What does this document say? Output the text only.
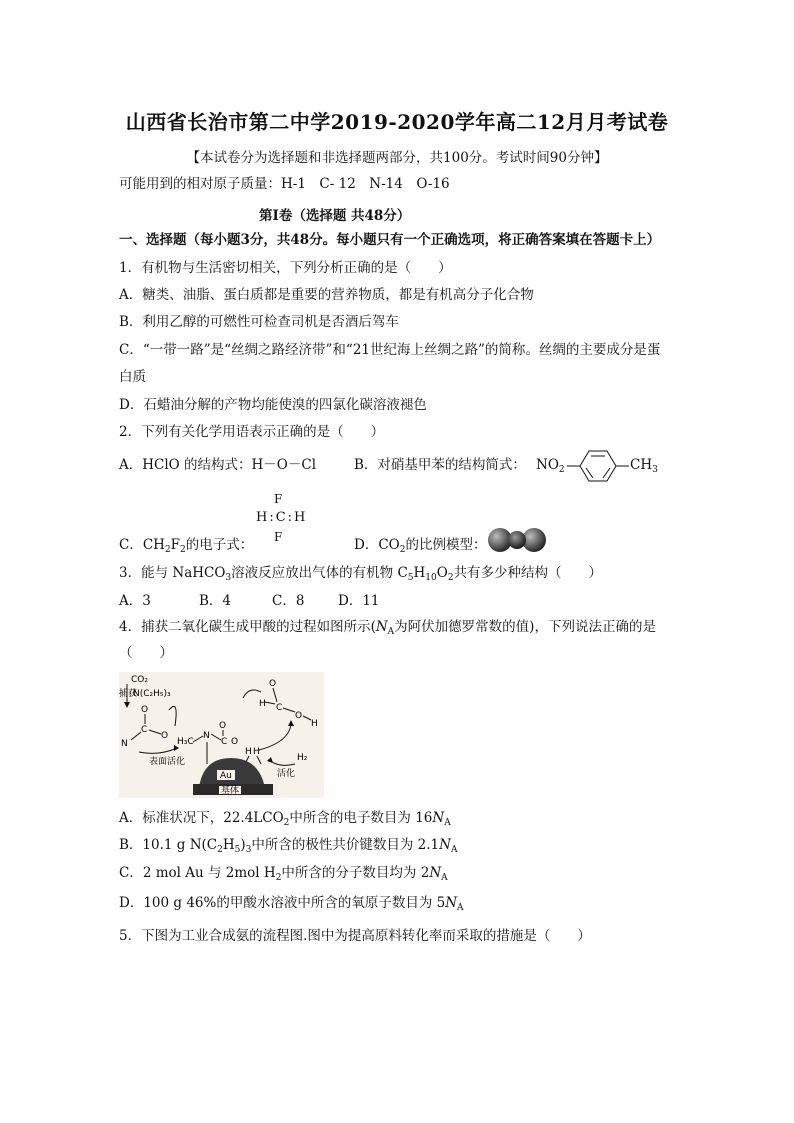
山西省长治市第二中学2019-2020学年高二12月月考试卷
【本试卷分为选择题和非选择题两部分，共100分。考试时间90分钟】
可能用到的相对原子质量：H-1　C- 12　N-14　O-16
第Ⅰ卷（选择题 共48分）
一、选择题（每小题3分，共48分。每小题只有一个正确选项，将正确答案填在答题卡上）
1．有机物与生活密切相关，下列分析正确的是（　　）
A．糖类、油脂、蛋白质都是重要的营养物质，都是有机高分子化合物
B．利用乙醇的可燃性可检查司机是否酒后驾车
C．“一带一路”是“丝绸之路经济带”和“21世纪海上丝绸之路”的简称。丝绸的主要成分是蛋
白质
D．石蜡油分解的产物均能使溴的四氯化碳溶液褪色
2．下列有关化学用语表示正确的是（　　）
A．HClO 的结构式：H－O－Cl	B．对硝基甲苯的结构简式： $NO_2$	$CH_3$
F
H:C:H
F
C．$CH_2F_2$的电子式：	D．$CO_2$的比例模型：
3．能与 NaHCO$_3$溶液反应放出气体的有机物 $C_5H_{10}O_2$共有多少种结构（　　）
A．3	B．4	C．8 D．11
4．捕获二氧化碳生成甲酸的过程如图所示($N_A$为阿伏加德罗常数的值)，下列说法正确的是
（　　）
CO₂
捕获
N(C₂H₅)₃
O
C
O
N
表面活化
H₃C
N
C
O
O
H H
Au
基体
H₂
活化
O
H C
O
H
A．标准状况下，$22.4LCO_2$中所含的电子数目为 $16N_A$
B．10.1 g $N(C_2H_5)_3$中所含的极性共价键数目为 $2.1N_A$
C．2 mol Au 与 2mol $H_2$中所含的分子数目均为 $2N_A$
D．100 g 46%的甲酸水溶液中所含的氧原子数目为 $5N_A$
5．下图为工业合成氨的流程图.图中为提高原料转化率而采取的措施是（　　）
